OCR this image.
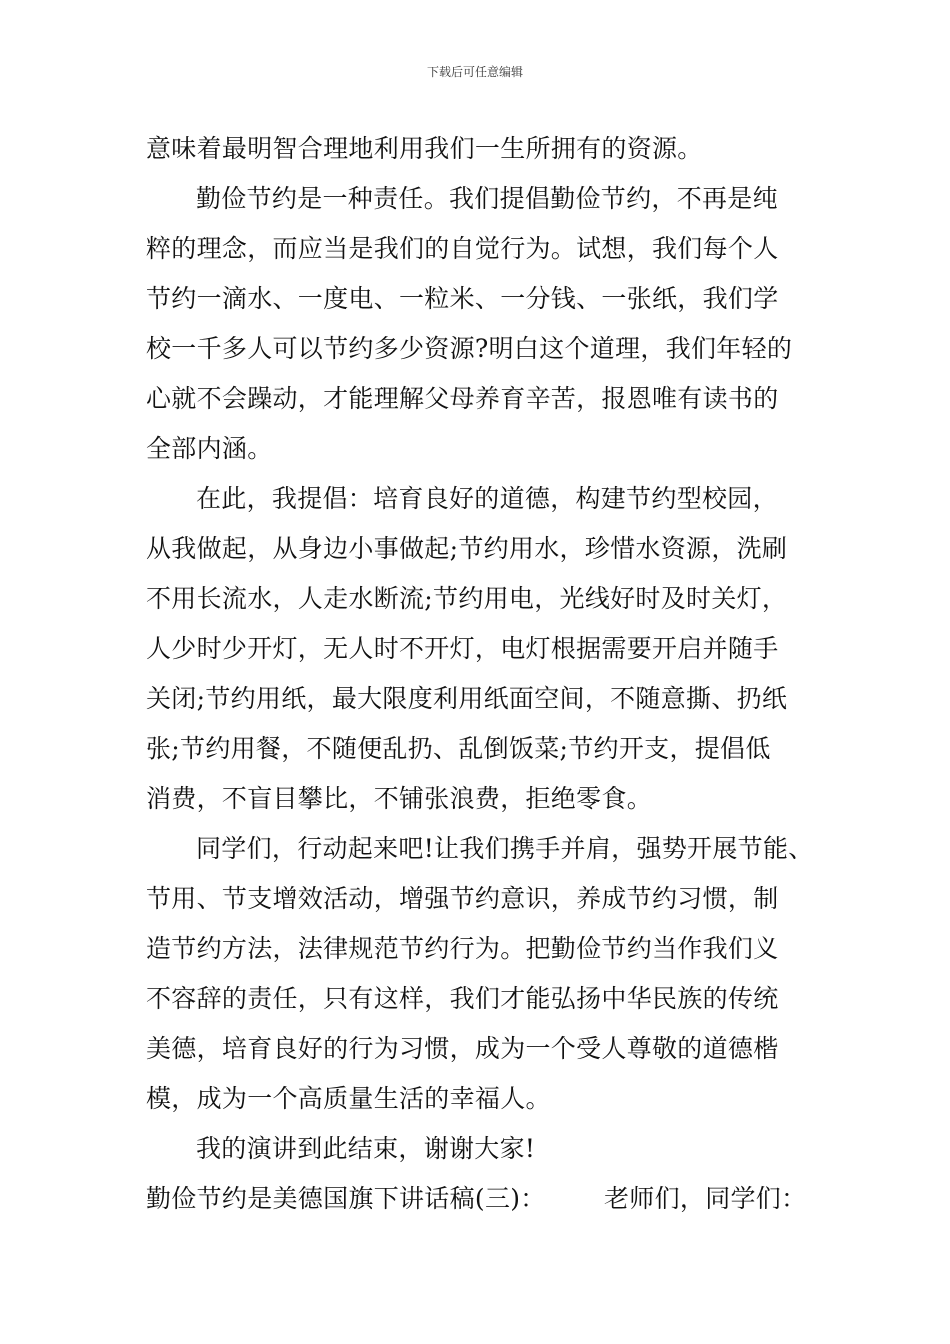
下载后可任意编辑
意味着最明智合理地利用我们一生所拥有的资源。
勤俭节约是一种责任。我们提倡勤俭节约，不再是纯
粹的理念，而应当是我们的自觉行为。试想，我们每个人
节约一滴水、一度电、一粒米、一分钱、一张纸，我们学
校一千多人可以节约多少资源?明白这个道理，我们年轻的
心就不会躁动，才能理解父母养育辛苦，报恩唯有读书的
全部内涵。
在此，我提倡：培育良好的道德，构建节约型校园，
从我做起，从身边小事做起;节约用水，珍惜水资源，洗刷
不用长流水，人走水断流;节约用电，光线好时及时关灯，
人少时少开灯，无人时不开灯，电灯根据需要开启并随手
关闭;节约用纸，最大限度利用纸面空间，不随意撕、扔纸
张;节约用餐，不随便乱扔、乱倒饭菜;节约开支，提倡低
消费，不盲目攀比，不铺张浪费，拒绝零食。
同学们，行动起来吧!让我们携手并肩，强势开展节能、
节用、节支增效活动，增强节约意识，养成节约习惯，制
造节约方法，法律规范节约行为。把勤俭节约当作我们义
不容辞的责任，只有这样，我们才能弘扬中华民族的传统
美德，培育良好的行为习惯，成为一个受人尊敬的道德楷
模，成为一个高质量生活的幸福人。
我的演讲到此结束，谢谢大家!
勤俭节约是美德国旗下讲话稿(三)： 老师们，同学们：
